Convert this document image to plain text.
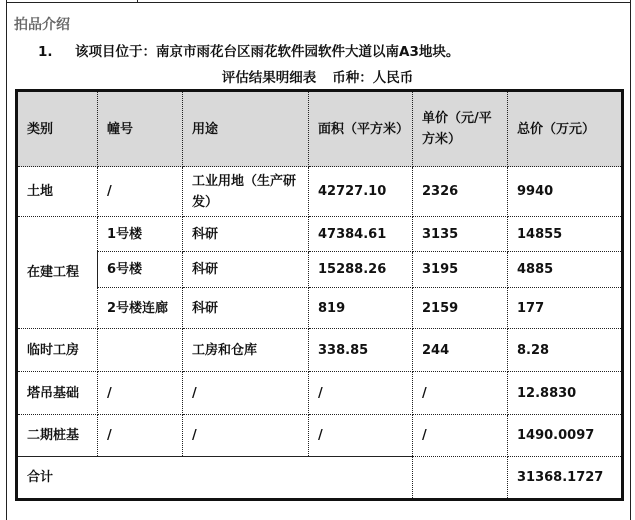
拍品介绍
1. 该项目位于：南京市雨花台区雨花软件园软件大道以南A3地块。
评估结果明细表 币种：人民币
类别	幢号	用途	面积（平方米）	单价（元/平方米）	总价（万元）
土地	/	工业用地（生产研发）	42727.10	2326	9940
在建工程	1号楼	科研	47384.61	3135	14855
	6号楼	科研	15288.26	3195	4885
	2号楼连廊	科研	819	2159	177
临时工房		工房和仓库	338.85	244	8.28
塔吊基础	/	/	/	/	12.8830
二期桩基	/	/	/	/	1490.0097
合计					31368.1727
